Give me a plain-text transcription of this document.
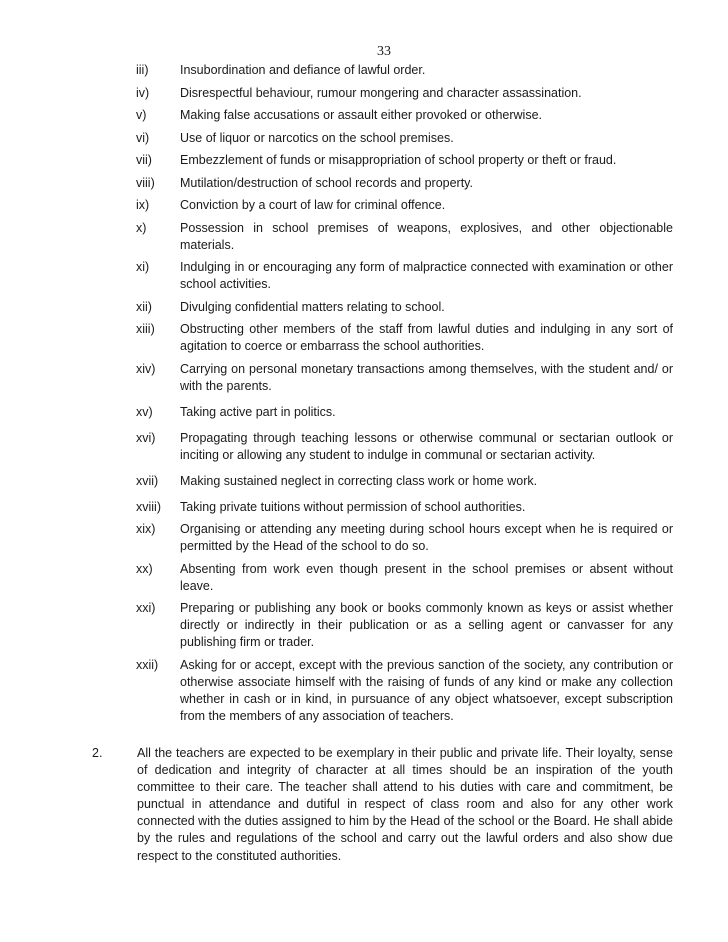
33
iii)	Insubordination and defiance of lawful order.
iv)	Disrespectful behaviour, rumour mongering and character assassination.
v)	Making false accusations or assault either provoked or otherwise.
vi)	Use of liquor or narcotics on the school premises.
vii)	Embezzlement of funds or misappropriation of school property or theft or fraud.
viii)	Mutilation/destruction of school records and property.
ix)	Conviction by a court of law for criminal offence.
x)	Possession in school premises of weapons, explosives, and other objectionable materials.
xi)	Indulging in or encouraging any form of malpractice connected with examination or other school activities.
xii)	Divulging confidential matters relating to school.
xiii)	Obstructing other members of the staff from lawful duties and indulging in any sort of agitation to coerce or embarrass the school authorities.
xiv)	Carrying on personal monetary transactions among themselves, with the student and/ or with the parents.
xv)	Taking active part in politics.
xvi)	Propagating through teaching lessons or otherwise communal or sectarian outlook or inciting or allowing any student to indulge in communal or sectarian activity.
xvii)	Making sustained neglect in correcting class work or home work.
xviii)	Taking private tuitions without permission of school authorities.
xix)	Organising or attending any meeting during school hours except when he is required or permitted by the Head of the school to do so.
xx)	Absenting from work even though present in the school premises or absent without leave.
xxi)	Preparing or publishing any book or books commonly known as keys or assist whether directly or indirectly in their publication or as a selling agent or canvasser for any publishing firm or trader.
xxii)	Asking for or accept, except with the previous sanction of the society, any contribution or otherwise associate himself with the raising of funds of any kind or make any collection whether in cash or in kind, in pursuance of any object whatsoever, except subscription from the members of any association of teachers.
2.	All the teachers are expected to be exemplary in their public and private life. Their loyalty, sense of dedication and integrity of character at all times should be an inspiration of the youth committee to their care. The teacher shall attend to his duties with care and commitment, be punctual in attendance and dutiful in respect of class room and also for any other work connected with the duties assigned to him by the Head of the school or the Board. He shall abide by the rules and regulations of the school and carry out the lawful orders and also show due respect to the constituted authorities.
